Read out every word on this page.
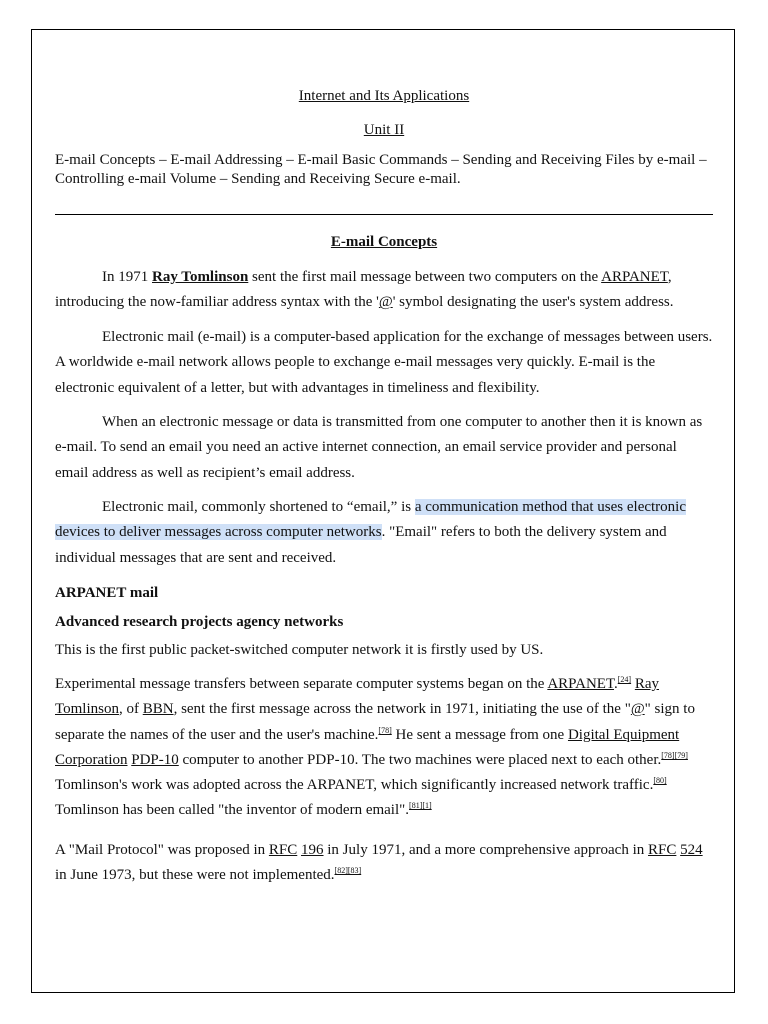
Internet and Its Applications
Unit II
E-mail Concepts – E-mail Addressing – E-mail Basic Commands – Sending and Receiving Files by e-mail – Controlling e-mail Volume – Sending and Receiving Secure e-mail.
E-mail Concepts
In 1971 Ray Tomlinson sent the first mail message between two computers on the ARPANET, introducing the now-familiar address syntax with the '@' symbol designating the user's system address.
Electronic mail (e-mail) is a computer-based application for the exchange of messages between users. A worldwide e-mail network allows people to exchange e-mail messages very quickly. E-mail is the electronic equivalent of a letter, but with advantages in timeliness and flexibility.
When an electronic message or data is transmitted from one computer to another then it is known as e-mail. To send an email you need an active internet connection, an email service provider and personal email address as well as recipient’s email address.
Electronic mail, commonly shortened to “email,” is a communication method that uses electronic devices to deliver messages across computer networks. "Email" refers to both the delivery system and individual messages that are sent and received.
ARPANET mail
Advanced research projects agency networks
This is the first public packet-switched computer network it is firstly used by US.
Experimental message transfers between separate computer systems began on the ARPANET.[24] Ray Tomlinson, of BBN, sent the first message across the network in 1971, initiating the use of the "@" sign to separate the names of the user and the user's machine.[78] He sent a message from one Digital Equipment Corporation PDP-10 computer to another PDP-10. The two machines were placed next to each other.[78][79] Tomlinson's work was adopted across the ARPANET, which significantly increased network traffic.[80] Tomlinson has been called "the inventor of modern email".[81][1]
A "Mail Protocol" was proposed in RFC 196 in July 1971, and a more comprehensive approach in RFC 524 in June 1973, but these were not implemented.[82][83]
